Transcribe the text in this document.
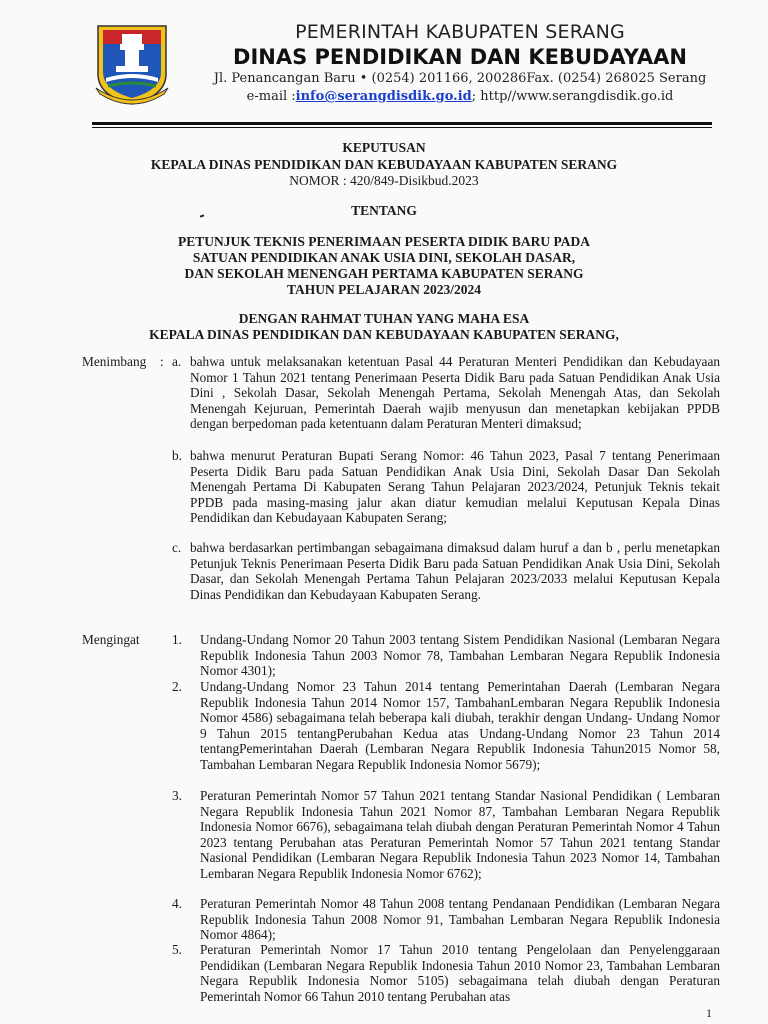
PEMERINTAH KABUPATEN SERANG
DINAS PENDIDIKAN DAN KEBUDAYAAN
Jl. Penancangan Baru • (0254) 201166, 200286Fax. (0254) 268025 Serang
e-mail :info@serangdisdik.go.id; http//www.serangdisdik.go.id
KEPUTUSAN
KEPALA DINAS PENDIDIKAN DAN KEBUDAYAAN KABUPATEN SERANG
NOMOR : 420/849-Disikbud.2023
TENTANG
PETUNJUK TEKNIS PENERIMAAN PESERTA DIDIK BARU PADA
SATUAN PENDIDIKAN ANAK USIA DINI, SEKOLAH DASAR,
DAN SEKOLAH MENENGAH PERTAMA KABUPATEN SERANG
TAHUN PELAJARAN 2023/2024
DENGAN RAHMAT TUHAN YANG MAHA ESA
KEPALA DINAS PENDIDIKAN DAN KEBUDAYAAN KABUPATEN SERANG,
Menimbang	: a. bahwa untuk melaksanakan ketentuan Pasal 44 Peraturan Menteri Pendidikan dan Kebudayaan Nomor 1 Tahun 2021 tentang Penerimaan Peserta Didik Baru pada Satuan Pendidikan Anak Usia Dini , Sekolah Dasar, Sekolah Menengah Pertama, Sekolah Menengah Atas, dan Sekolah Menengah Kejuruan, Pemerintah Daerah wajib menyusun dan menetapkan kebijakan PPDB dengan berpedoman pada ketentuann dalam Peraturan Menteri dimaksud;
b. bahwa menurut Peraturan Bupati Serang Nomor: 46 Tahun 2023, Pasal 7 tentang Penerimaan Peserta Didik Baru pada Satuan Pendidikan Anak Usia Dini, Sekolah Dasar Dan Sekolah Menengah Pertama Di Kabupaten Serang Tahun Pelajaran 2023/2024, Petunjuk Teknis tekait PPDB pada masing-masing jalur akan diatur kemudian melalui Keputusan Kepala Dinas Pendidikan dan Kebudayaan Kabupaten Serang;
c. bahwa berdasarkan pertimbangan sebagaimana dimaksud dalam huruf a dan b , perlu menetapkan Petunjuk Teknis Penerimaan Peserta Didik Baru pada Satuan Pendidikan Anak Usia Dini, Sekolah Dasar, dan Sekolah Menengah Pertama Tahun Pelajaran 2023/2033 melalui Keputusan Kepala Dinas Pendidikan dan Kebudayaan Kabupaten Serang.
Mengingat	1.	Undang-Undang Nomor 20 Tahun 2003 tentang Sistem Pendidikan Nasional (Lembaran Negara Republik Indonesia Tahun 2003 Nomor 78, Tambahan Lembaran Negara Republik Indonesia Nomor 4301);
2.	Undang-Undang Nomor 23 Tahun 2014 tentang Pemerintahan Daerah (Lembaran Negara Republik Indonesia Tahun 2014 Nomor 157, TambahanLembaran Negara Republik Indonesia Nomor 4586) sebagaimana telah beberapa kali diubah, terakhir dengan Undang- Undang Nomor 9 Tahun 2015 tentangPerubahan Kedua atas Undang-Undang Nomor 23 Tahun 2014 tentangPemerintahan Daerah (Lembaran Negara Republik Indonesia Tahun2015 Nomor 58, Tambahan Lembaran Negara Republik Indonesia Nomor 5679);
3.	Peraturan Pemerintah Nomor 57 Tahun 2021 tentang Standar Nasional Pendidikan ( Lembaran Negara Republik Indonesia Tahun 2021 Nomor 87, Tambahan Lembaran Negara Republik Indonesia Nomor 6676), sebagaimana telah diubah dengan Peraturan Pemerintah Nomor 4 Tahun 2023 tentang Perubahan atas Peraturan Pemerintah Nomor 57 Tahun 2021 tentang Standar Nasional Pendidikan (Lembaran Negara Republik Indonesia Tahun 2023 Nomor 14, Tambahan Lembaran Negara Republik Indonesia Nomor 6762);
4.	Peraturan Pemerintah Nomor 48 Tahun 2008 tentang Pendanaan Pendidikan (Lembaran Negara Republik Indonesia Tahun 2008 Nomor 91, Tambahan Lembaran Negara Republik Indonesia Nomor 4864);
5.	Peraturan Pemerintah Nomor 17 Tahun 2010 tentang Pengelolaan dan Penyelenggaraan Pendidikan (Lembaran Negara Republik Indonesia Tahun 2010 Nomor 23, Tambahan Lembaran Negara Republik Indonesia Nomor 5105) sebagaimana telah diubah dengan Peraturan Pemerintah Nomor 66 Tahun 2010 tentang Perubahan atas
1
